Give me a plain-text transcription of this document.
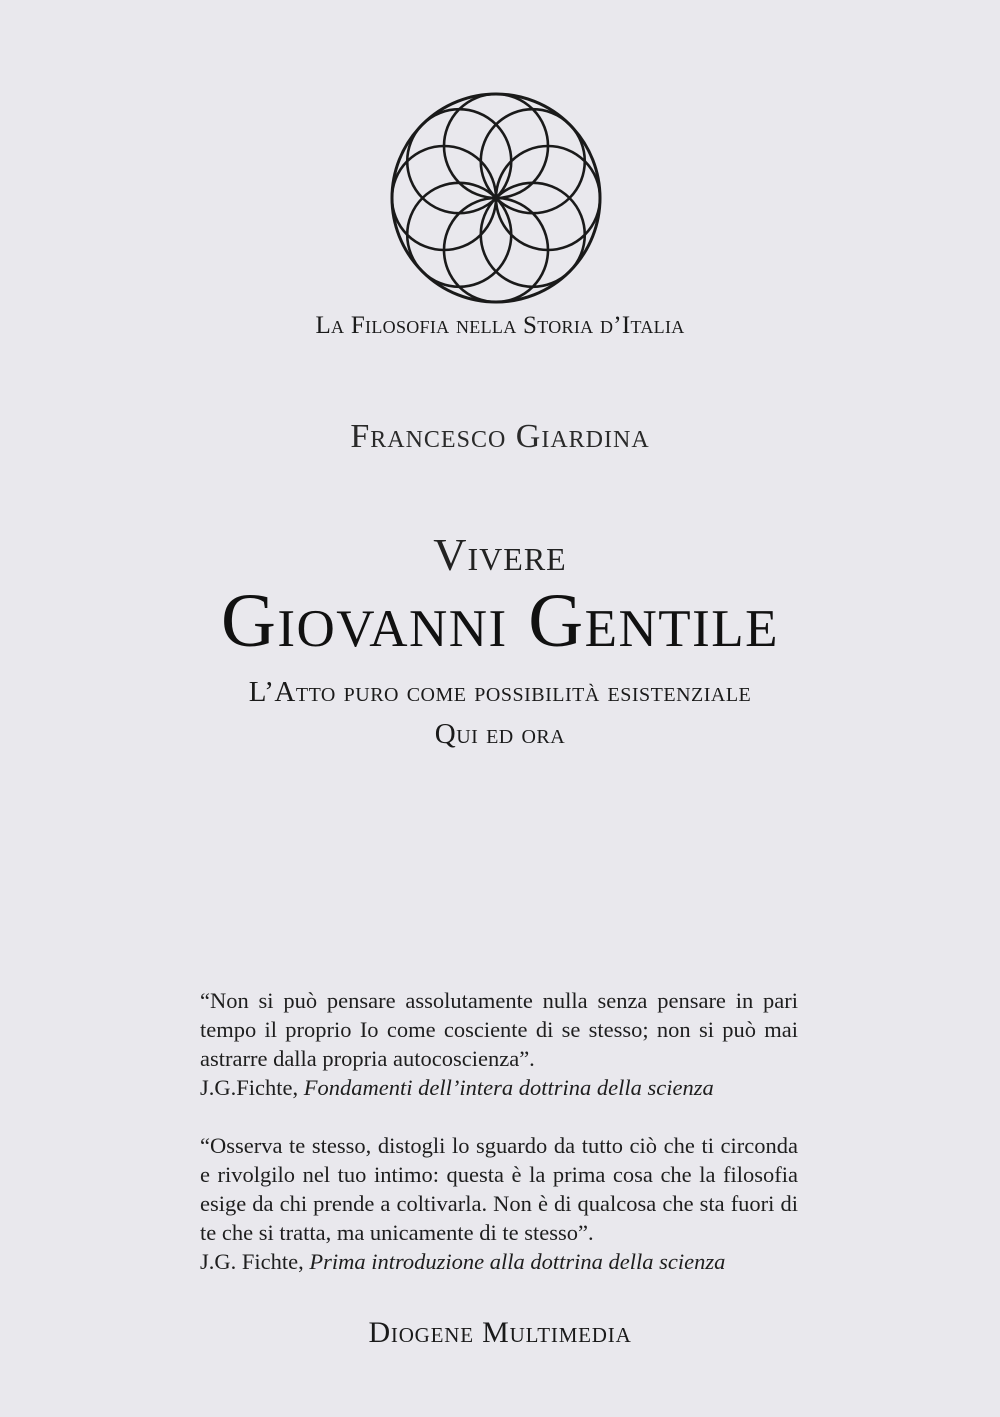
La Filosofia nella Storia d’Italia
Francesco Giardina
Vivere
Giovanni Gentile
L’Atto puro come possibilità esistenziale
Qui ed ora

“Non si può pensare assolutamente nulla senza pensare in pari tempo il proprio Io come cosciente di se stesso; non si può mai astrarre dalla propria autocoscienza”.

J.G.Fichte, Fondamenti dell’intera dottrina della scienza

“Osserva te stesso, distogli lo sguardo da tutto ciò che ti circonda e rivolgilo nel tuo intimo: questa è la prima cosa che la filosofia esige da chi prende a coltivarla. Non è di qualcosa che sta fuori di te che si tratta, ma unicamente di te stesso”.

J.G. Fichte, Prima introduzione alla dottrina della scienza

Diogene Multimedia
